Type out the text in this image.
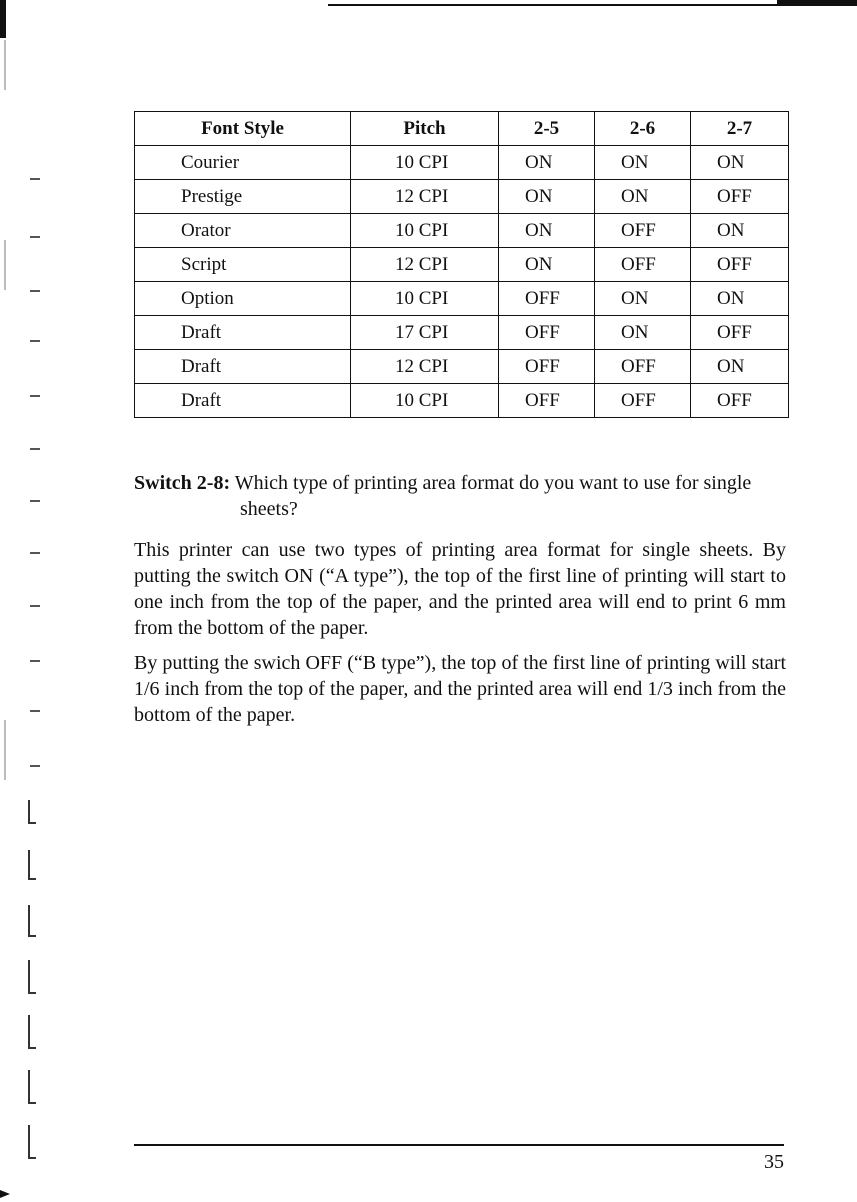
Font Style	Pitch	2-5	2-6	2-7
Courier	10 CPI	ON	ON	ON
Prestige	12 CPI	ON	ON	OFF
Orator	10 CPI	ON	OFF	ON
Script	12 CPI	ON	OFF	OFF
Option	10 CPI	OFF	ON	ON
Draft	17 CPI	OFF	ON	OFF
Draft	12 CPI	OFF	OFF	ON
Draft	10 CPI	OFF	OFF	OFF
Switch 2-8: Which type of printing area format do you want to use for single
sheets?

This printer can use two types of printing area format for single sheets. By putting the switch ON (“A type”), the top of the first line of printing will start to one inch from the top of the paper, and the printed area will end to print 6 mm from the bottom of the paper.

By putting the swich OFF (“B type”), the top of the first line of printing will start 1/6 inch from the top of the paper, and the printed area will end 1/3 inch from the bottom of the paper.

35
